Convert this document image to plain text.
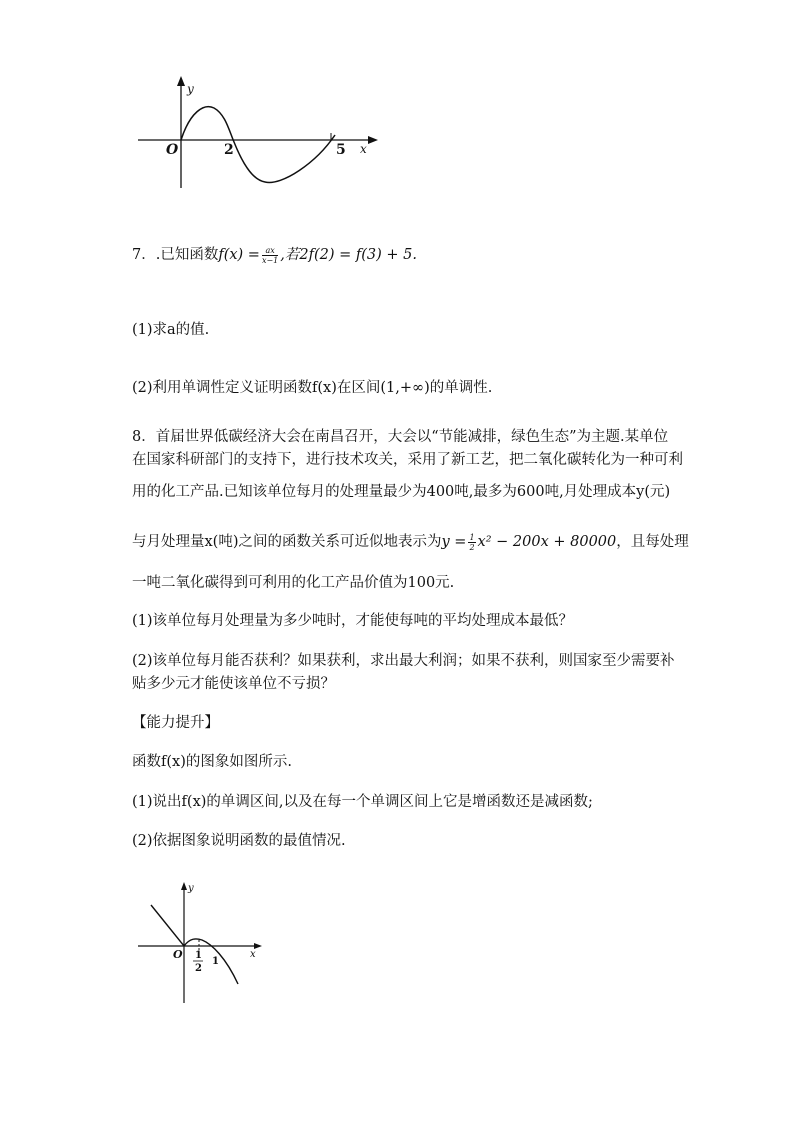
y
O	2	5 x

7．.已知函数$f(x) = \frac{ax}{x-1}$ ,若2f(2) = f(3) + 5.

(1)求a的值.

(2)利用单调性定义证明函数f(x)在区间(1,+∞)的单调性.

8．首届世界低碳经济大会在南昌召开，大会以“节能减排，绿色生态”为主题.某单位

在国家科研部门的支持下，进行技术攻关，采用了新工艺，把二氧化碳转化为一种可利

用的化工产品.已知该单位每月的处理量最少为400吨,最多为600吨,月处理成本y(元)

与月处理量x(吨)之间的函数关系可近似地表示为$y = \frac{1}{2} x^2 - 200x + 80000$，且每处理

一吨二氧化碳得到可利用的化工产品价值为100元.

(1)该单位每月处理量为多少吨时，才能使每吨的平均处理成本最低？

(2)该单位每月能否获利？如果获利，求出最大利润；如果不获利，则国家至少需要补

贴多少元才能使该单位不亏损？

【能力提升】

函数f(x)的图象如图所示.

(1)说出f(x)的单调区间,以及在每一个单调区间上它是增函数还是减函数;

(2)依据图象说明函数的最值情况.

y
O 1
2
1
x
